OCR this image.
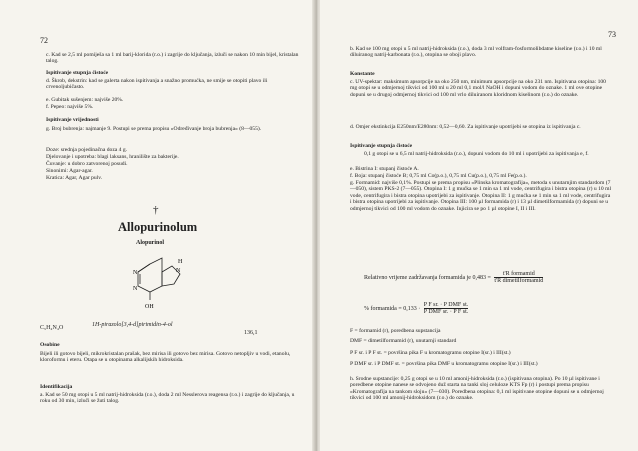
72
c. Kad se 2,5 ml pomiješa sa 1 ml barij-klorida (r.o.) i zagrije do ključanja, izluči se nakon 10 min bijel, kristalan talog.
Ispitivanje stupnja čistoće
d. Škrob, dekstrin: kad se galerta nakon ispitivanja a snažno promućka, ne smije se otopiti plavo ili crvenoljubičasto.
e. Gubitak sušenjem: najviše 20%.
f. Pepeo: najviše 5%.
Ispitivanje vrijednosti
g. Broj bubrenja: najmanje 9. Postupi se prema propisu »Određivanje broja bubrenja« (8—055).
Doze: srednja pojedinačna doza 4 g.
Djelovanje i upotreba: blagi laksans, hranilište za bakterije.
Čuvanje: u dobro zatvorenoj posudi.
Sinonimi: Agar-agar.
Kratica: Agar, Agar pulv.
†
Allopurinolum
Alopurinol
N
N
N
H
OH
C₅H₄N₄O	1H-pirazolo[3,4-d]pirimidin-4-ol
136,1
Osobine
Bijeli ili gotovo bijeli, mikrokristalan prašak, bez mirisa ili gotovo bez mirisa. Gotovo netopljiv u vodi, etanolu, kloroformu i eteru. Otapa se u otopinama alkalijskih hidroksida.
Identifikacija
a. Kad se 50 mg otopi u 5 ml natrij-hidroksida (r.o.), doda 2 ml Nesslerova reagensa (r.o.) i zagrije do ključanja, u roku od 30 min, izluči se žuti talog.
73
b. Kad se 100 mg otopi u 5 ml natrij-hidroksida (r.o.), doda 3 ml volfram-fosformolibdatne kiseline (r.o.) i 10 ml diluiranog natrij-karbonata (r.o.), otopina se oboji plavo.
Konstante
c. UV-spektar: maksimum apsorpcije na oko 250 nm, minimum apsorpcije na oko 231 nm. Ispitivana otopina: 100 mg otopi se u odmjernoj tikvici od 100 ml u 20 ml 0,1 mol/l NaOH i dopuni vodom do oznake. 1 ml ove otopine dopuni se u drugoj odmjernoj tikvici od 100 ml vrlo diluiranom kloridnom kiselinom (r.o.) do oznake.
d. Omjer ekstinkcija E250nm/E280nm: 0,52—0,60. Za ispitivanje upotrijebi se otopina iz ispitivanja c.
Ispitivanje stupnja čistoće
0,1 g otopi se u 6,5 ml natrij-hidroksida (r.o.), dopuni vodom do 10 ml i upotrijebi za ispitivanja e, f.
e. Bistrina I: stupanj čistoće A.
f. Boja: stupanj čistoće B; 0,75 ml Co(p.o.), 0,75 ml Cu(p.o.), 0,75 ml Fe(p.o.).
g. Formamid: najviše 0,1%. Postupi se prema propisu »Plinska kromatografija«, metoda s unutarnjim standardom (7—050), sistem PKS-2 (7—055). Otopina I: 1 g mućka se 1 min sa 1 ml vode, centrifugira i bistra otopina (r) u 10 ml vode, centrifugira i bistra otopina upotrijebi za ispitivanje. Otopina II: 1 g mućka se 1 min sa 1 ml vode, centrifugira i bistra otopina upotrijebi za ispitivanje. Otopina III: 100 µl formamida (r) i 13 µl dimetilformamida (r) dopuni se u odmjernoj tikvici od 100 ml vodom do oznake. Injicira se po 1 µl otopine I, II i III.
Relativno vrijeme zadržavanja formamida je 0,483 =
t'R formamid
t'R dimetilformamid
% formamida = 0,133 ·
P F sr. · P DMF st.
P DMF sr. · P F st.
F = formamid (r), poredbena supstancija
DMF = dimetilformamid (r), unutarnji standard
P F sr. i P F st. = površina pika F u kromatogramu otopine I(sr.) i III(st.)
P DMF sr. i P DMF st. = površina pika DMF u kromatogramu otopine I(sr.) i III(st.)
h. Srodne supstancije: 0,25 g otopi se u 10 ml amonij-hidroksida (r.o.) (ispitivana otopina). Po 10 µl ispitivane i poredbene otopine nanese se odvojeno duž starta na tanki sloj celuloze KTS Fp (r) i postupi prema propisu »Kromatografija na tankom sloju« (7—030). Poredbena otopina: 0,1 ml ispitivane otopine dopuni se u odmjernoj tikvici od 100 ml amonij-hidroksidom (r.o.) do oznake.
